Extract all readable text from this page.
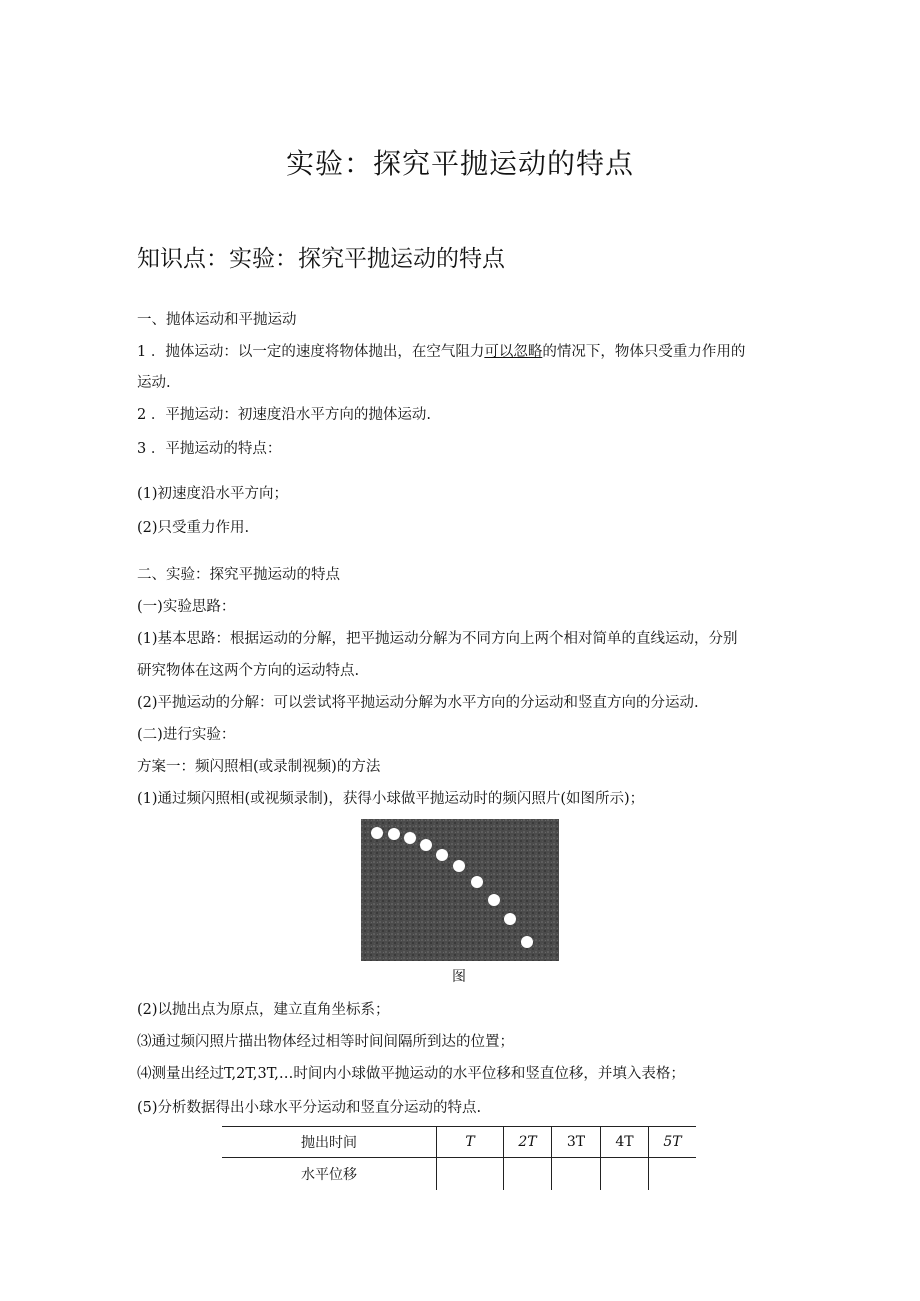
实验：探究平抛运动的特点
知识点：实验：探究平抛运动的特点
一、抛体运动和平抛运动
1 ．抛体运动：以一定的速度将物体抛出，在空气阻力可以忽略的情况下，物体只受重力作用的
运动.
2 ．平抛运动：初速度沿水平方向的抛体运动.
3 ．平抛运动的特点：
(1)初速度沿水平方向；
(2)只受重力作用.
二、实验：探究平抛运动的特点
(一)实验思路：
(1)基本思路：根据运动的分解，把平抛运动分解为不同方向上两个相对简单的直线运动，分别
研究物体在这两个方向的运动特点.
(2)平抛运动的分解：可以尝试将平抛运动分解为水平方向的分运动和竖直方向的分运动.
(二)进行实验：
方案一：频闪照相(或录制视频)的方法
(1)通过频闪照相(或视频录制)，获得小球做平抛运动时的频闪照片(如图所示)；
图
(2)以抛出点为原点，建立直角坐标系；
⑶通过频闪照片描出物体经过相等时间间隔所到达的位置；
⑷测量出经过T,2T,3T,…时间内小球做平抛运动的水平位移和竖直位移，并填入表格；
(5)分析数据得出小球水平分运动和竖直分运动的特点.
抛出时间	T	2T	3T	4T	5T
水平位移					
